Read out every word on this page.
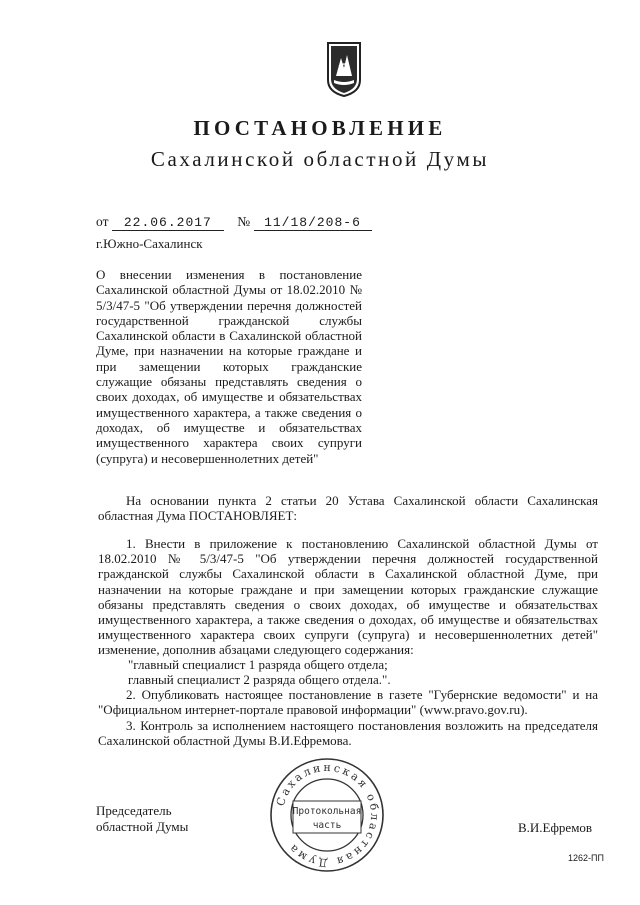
ПОСТАНОВЛЕНИЕ
Сахалинской областной Думы
от 22.06.2017 № 11/18/208-6
г.Южно-Сахалинск
О внесении изменения в постановление Сахалинской областной Думы от 18.02.2010 № 5/3/47-5 "Об утверждении перечня должностей государственной гражданской службы Сахалинской области в Сахалинской областной Думе, при назначении на которые граждане и при замещении которых гражданские служащие обязаны представлять сведения о своих доходах, об имуществе и обязательствах имущественного характера, а также сведения о доходах, об имуществе и обязательствах имущественного характера своих супруги (супруга) и несовершеннолетних детей"
На основании пункта 2 статьи 20 Устава Сахалинской области Сахалинская областная Дума ПОСТАНОВЛЯЕТ:
1. Внести в приложение к постановлению Сахалинской областной Думы от 18.02.2010 № 5/3/47-5 "Об утверждении перечня должностей государственной гражданской службы Сахалинской области в Сахалинской областной Думе, при назначении на которые граждане и при замещении которых гражданские служащие обязаны представлять сведения о своих доходах, об имуществе и обязательствах имущественного характера, а также сведения о доходах, об имуществе и обязательствах имущественного характера своих супруги (супруга) и несовершеннолетних детей" изменение, дополнив абзацами следующего содержания:
"главный специалист 1 разряда общего отдела;
главный специалист 2 разряда общего отдела.".
2. Опубликовать настоящее постановление в газете "Губернские ведомости" и на "Официальном интернет-портале правовой информации" (www.pravo.gov.ru).
3. Контроль за исполнением настоящего постановления возложить на председателя Сахалинской областной Думы В.И.Ефремова.
Председатель
областной Думы
Сахалинская областная Дума
Протокольная
часть	В.И.Ефремов
1262-ПП
